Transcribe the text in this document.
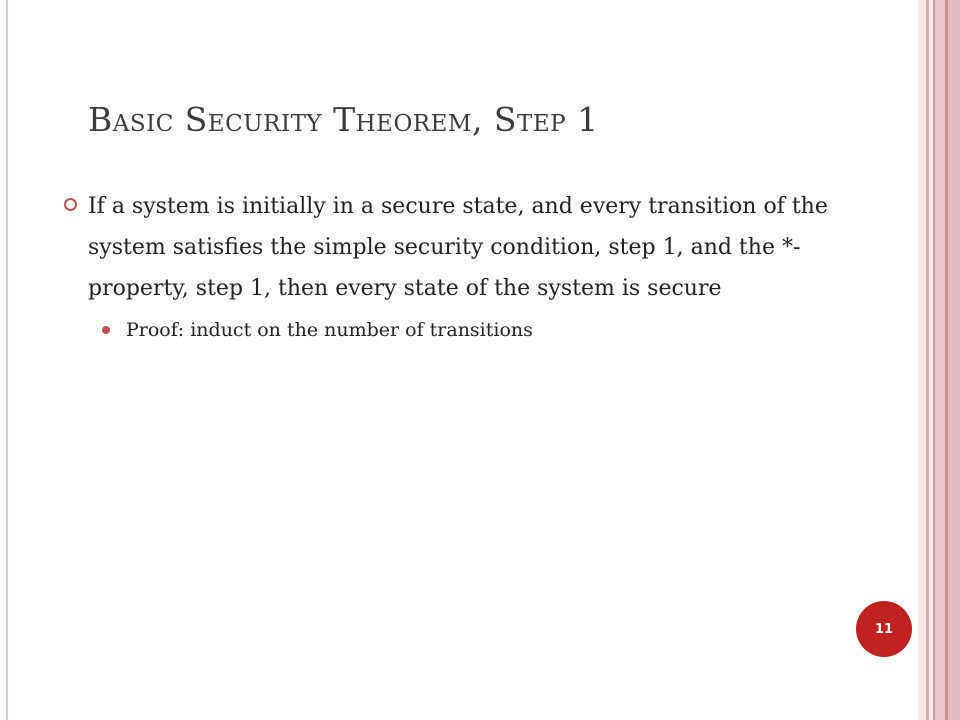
Basic Security Theorem, Step 1
If a system is initially in a secure state, and every transition of the system satisfies the simple security condition, step 1, and the *-property, step 1, then every state of the system is secure
Proof: induct on the number of transitions
11
